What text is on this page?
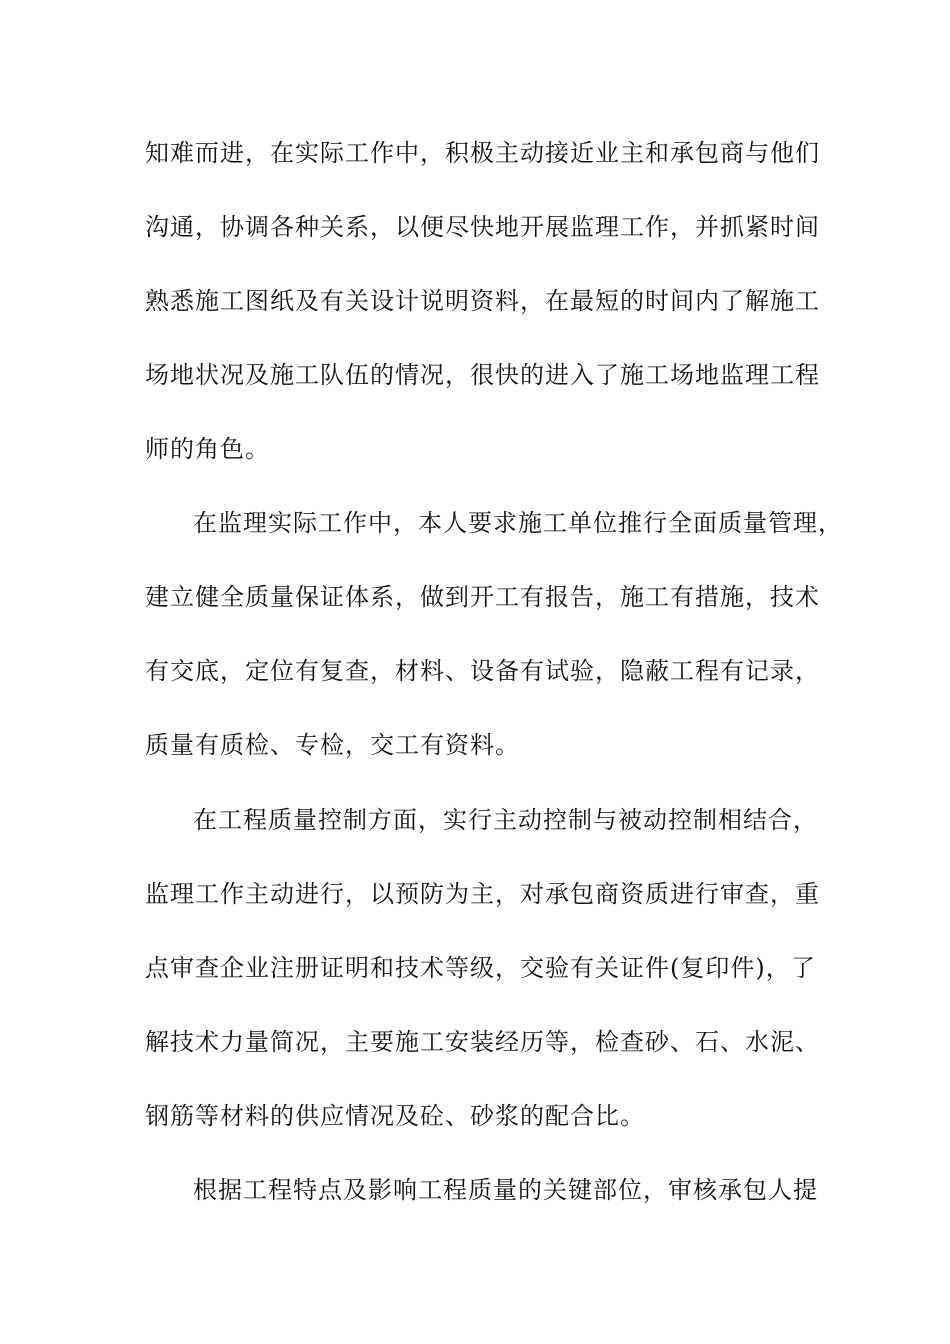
知难而进，在实际工作中，积极主动接近业主和承包商与他们
沟通，协调各种关系，以便尽快地开展监理工作，并抓紧时间
熟悉施工图纸及有关设计说明资料，在最短的时间内了解施工
场地状况及施工队伍的情况，很快的进入了施工场地监理工程
师的角色。
在监理实际工作中，本人要求施工单位推行全面质量管理，
建立健全质量保证体系，做到开工有报告，施工有措施，技术
有交底，定位有复查，材料、设备有试验，隐蔽工程有记录，
质量有质检、专检，交工有资料。
在工程质量控制方面，实行主动控制与被动控制相结合，
监理工作主动进行，以预防为主，对承包商资质进行审查，重
点审查企业注册证明和技术等级，交验有关证件(复印件)，了
解技术力量简况，主要施工安装经历等，检查砂、石、水泥、
钢筋等材料的供应情况及砼、砂浆的配合比。
根据工程特点及影响工程质量的关键部位，审核承包人提
